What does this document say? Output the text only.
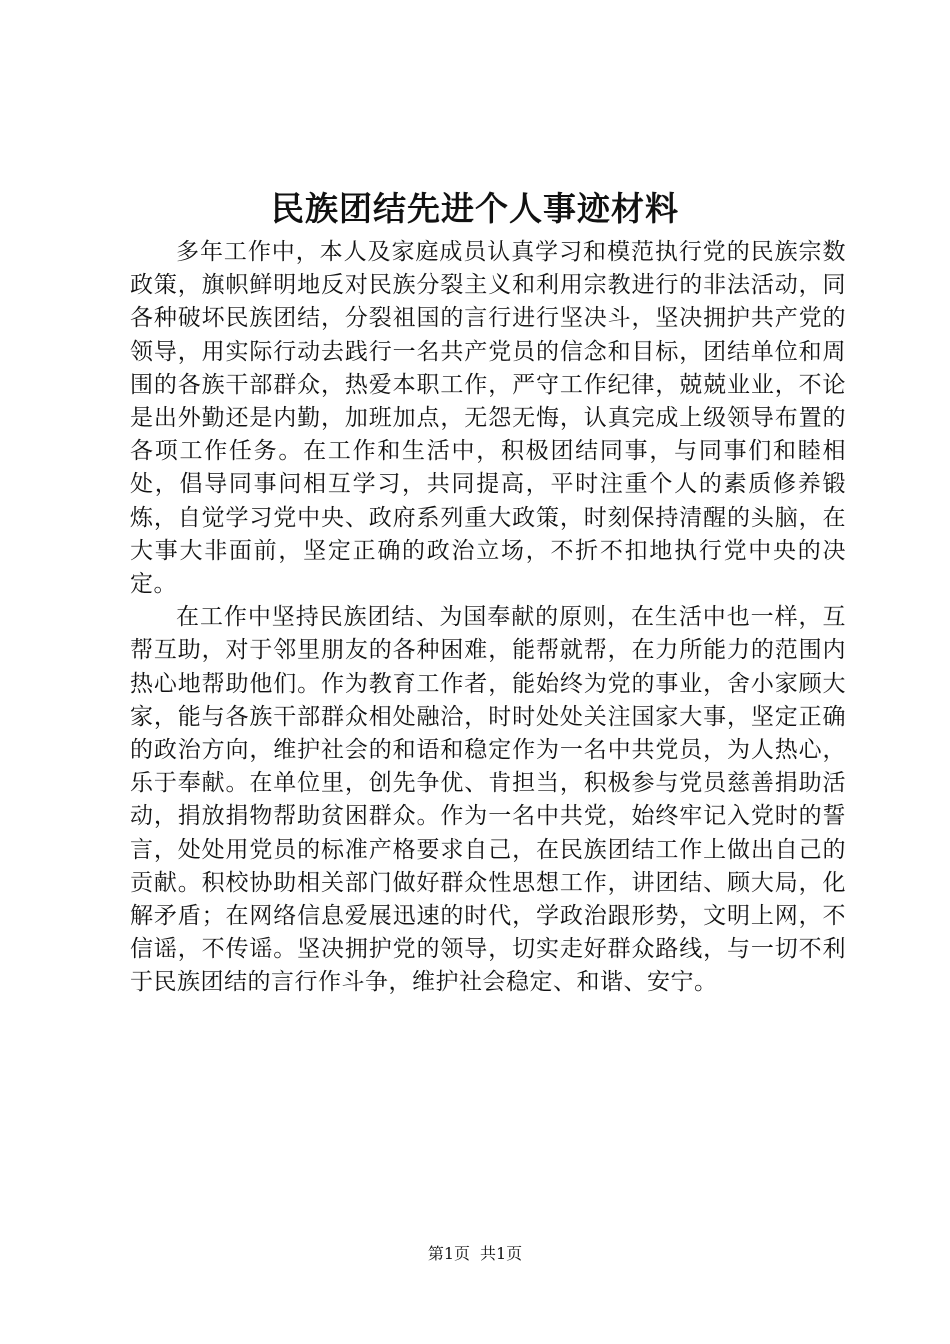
民族团结先进个人事迹材料

多年工作中，本人及家庭成员认真学习和模范执行党的民族宗数政策，旗帜鲜明地反对民族分裂主义和利用宗教进行的非法活动，同各种破坏民族团结，分裂祖国的言行进行坚决斗，坚决拥护共产党的领导，用实际行动去践行一名共产党员的信念和目标，团结单位和周围的各族干部群众，热爱本职工作，严守工作纪律，兢兢业业，不论是出外勤还是内勤，加班加点，无怨无悔，认真完成上级领导布置的各项工作任务。在工作和生活中，积极团结同事，与同事们和睦相处，倡导同事问相互学习，共同提高，平时注重个人的素质修养锻炼，自觉学习党中央、政府系列重大政策，时刻保持清醒的头脑，在大事大非面前，坚定正确的政治立场，不折不扣地执行党中央的决定。

在工作中坚持民族团结、为国奉献的原则，在生活中也一样，互帮互助，对于邻里朋友的各种困难，能帮就帮，在力所能力的范围内热心地帮助他们。作为教育工作者，能始终为党的事业，舍小家顾大家，能与各族干部群众相处融洽，时时处处关注国家大事，坚定正确的政治方向，维护社会的和语和稳定作为一名中共党员，为人热心，乐于奉献。在单位里，创先争优、肯担当，积极参与党员慈善捐助活动，捐放捐物帮助贫困群众。作为一名中共党，始终牢记入党时的誓言，处处用党员的标准产格要求自己，在民族团结工作上做出自己的贡献。积校协助相关部门做好群众性思想工作，讲团结、顾大局，化解矛盾；在网络信息爱展迅速的时代，学政治跟形势，文明上网，不信谣，不传谣。坚决拥护党的领导，切实走好群众路线，与一切不利于民族团结的言行作斗争，维护社会稳定、和谐、安宁。

第1页 共1页
